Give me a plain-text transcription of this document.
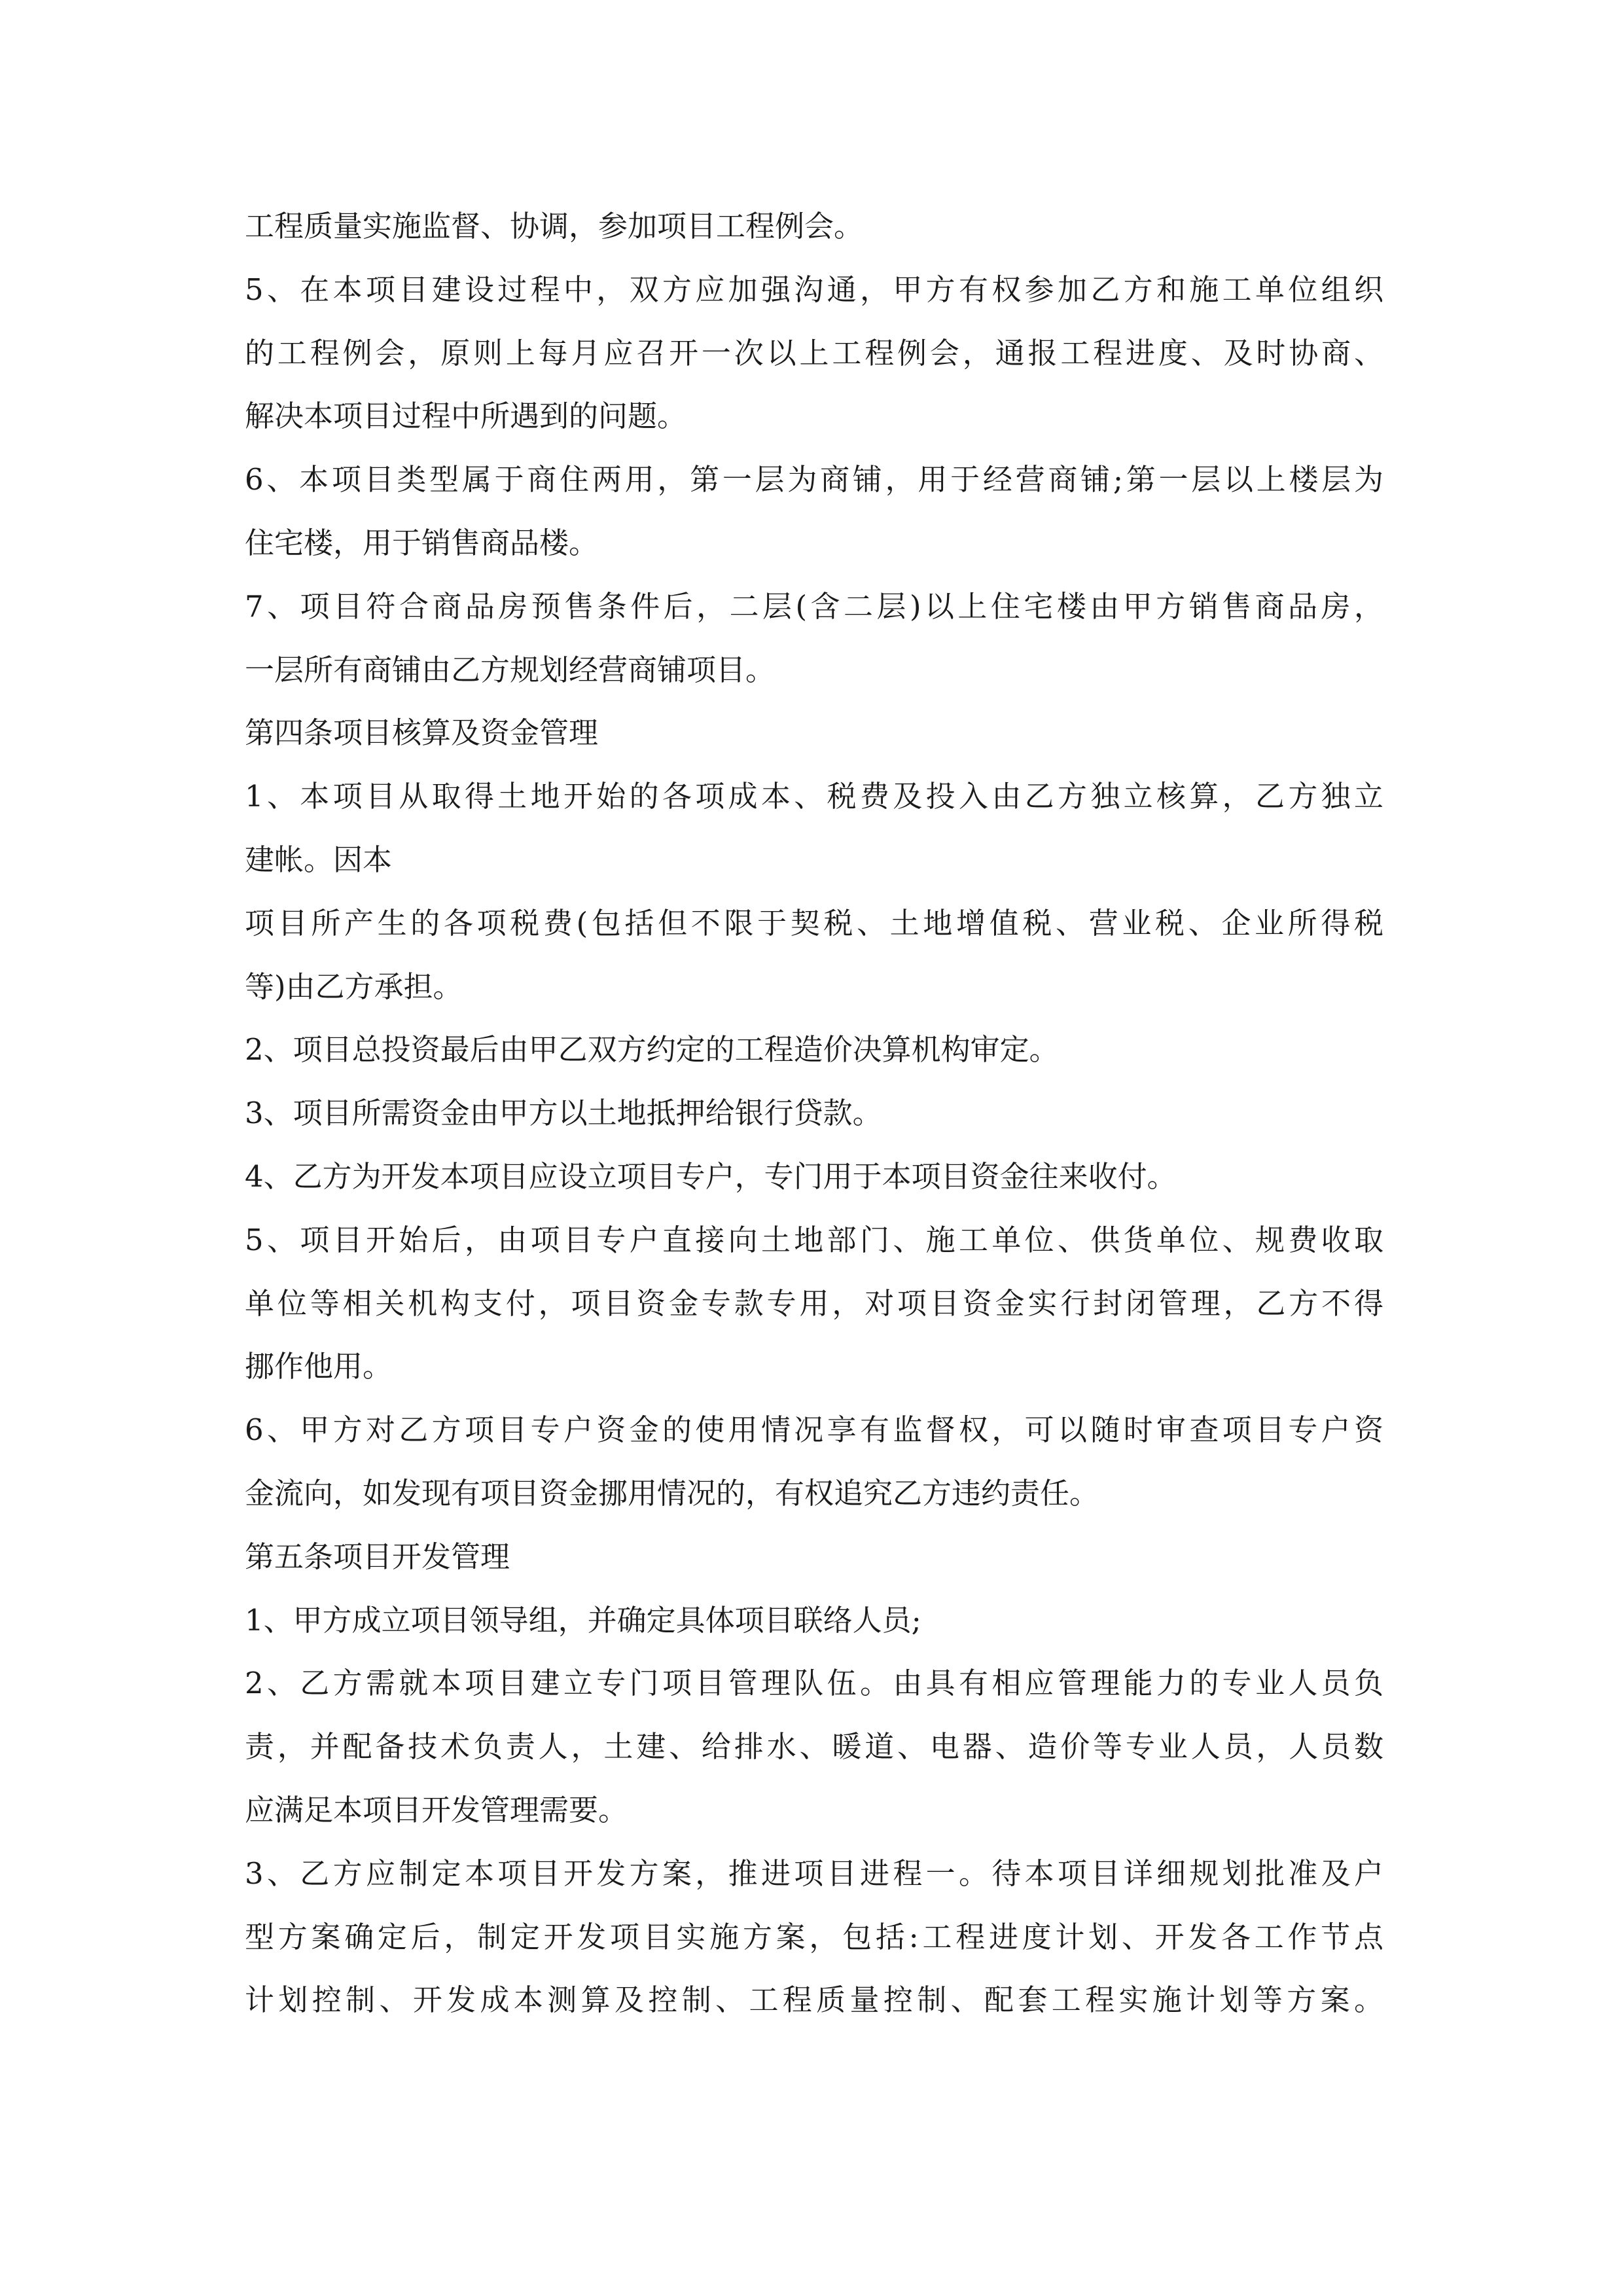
工程质量实施监督、协调，参加项目工程例会。

5、在本项目建设过程中，双方应加强沟通，甲方有权参加乙方和施工单位组织

的工程例会，原则上每月应召开一次以上工程例会，通报工程进度、及时协商、

解决本项目过程中所遇到的问题。

6、本项目类型属于商住两用，第一层为商铺，用于经营商铺;第一层以上楼层为

住宅楼，用于销售商品楼。

7、项目符合商品房预售条件后，二层(含二层)以上住宅楼由甲方销售商品房，

一层所有商铺由乙方规划经营商铺项目。

第四条项目核算及资金管理

1、本项目从取得土地开始的各项成本、税费及投入由乙方独立核算，乙方独立

建帐。因本

项目所产生的各项税费(包括但不限于契税、土地增值税、营业税、企业所得税

等)由乙方承担。

2、项目总投资最后由甲乙双方约定的工程造价决算机构审定。

3、项目所需资金由甲方以土地抵押给银行贷款。

4、乙方为开发本项目应设立项目专户，专门用于本项目资金往来收付。

5、项目开始后，由项目专户直接向土地部门、施工单位、供货单位、规费收取

单位等相关机构支付，项目资金专款专用，对项目资金实行封闭管理，乙方不得

挪作他用。

6、甲方对乙方项目专户资金的使用情况享有监督权，可以随时审查项目专户资

金流向，如发现有项目资金挪用情况的，有权追究乙方违约责任。

第五条项目开发管理

1、甲方成立项目领导组，并确定具体项目联络人员;

2、乙方需就本项目建立专门项目管理队伍。由具有相应管理能力的专业人员负

责，并配备技术负责人，土建、给排水、暖道、电器、造价等专业人员，人员数

应满足本项目开发管理需要。

3、乙方应制定本项目开发方案，推进项目进程一。待本项目详细规划批准及户

型方案确定后，制定开发项目实施方案，包括:工程进度计划、开发各工作节点

计划控制、开发成本测算及控制、工程质量控制、配套工程实施计划等方案。
